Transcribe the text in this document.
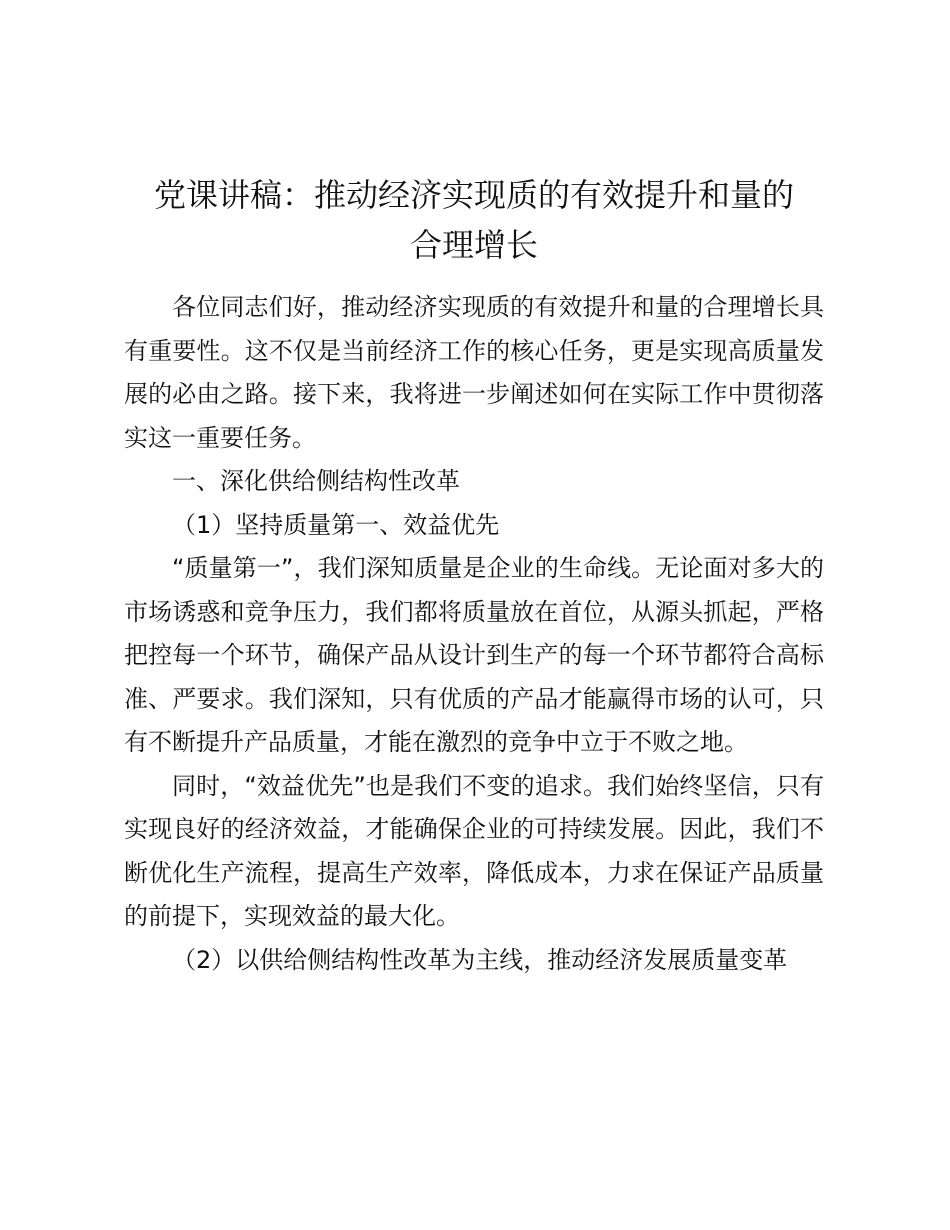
党课讲稿：推动经济实现质的有效提升和量的
合理增长

各位同志们好，推动经济实现质的有效提升和量的合理增长具有重要性。这不仅是当前经济工作的核心任务，更是实现高质量发展的必由之路。接下来，我将进一步阐述如何在实际工作中贯彻落实这一重要任务。

一、深化供给侧结构性改革

（1）坚持质量第一、效益优先

“质量第一”，我们深知质量是企业的生命线。无论面对多大的市场诱惑和竞争压力，我们都将质量放在首位，从源头抓起，严格把控每一个环节，确保产品从设计到生产的每一个环节都符合高标准、严要求。我们深知，只有优质的产品才能赢得市场的认可，只有不断提升产品质量，才能在激烈的竞争中立于不败之地。

同时，“效益优先”也是我们不变的追求。我们始终坚信，只有实现良好的经济效益，才能确保企业的可持续发展。因此，我们不断优化生产流程，提高生产效率，降低成本，力求在保证产品质量的前提下，实现效益的最大化。

（2）以供给侧结构性改革为主线，推动经济发展质量变革
